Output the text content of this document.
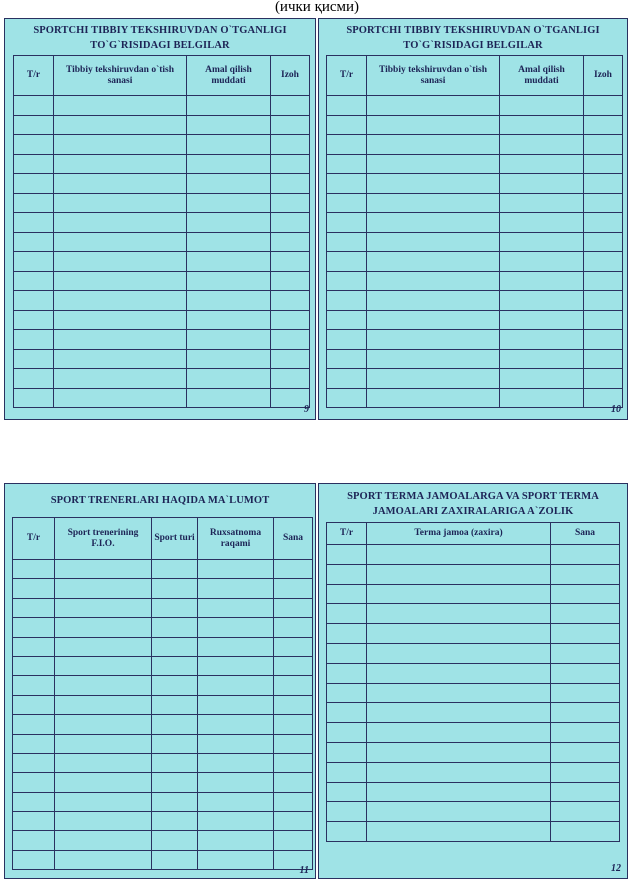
(ички қисми)
SPORTCHI TIBBIY TEKSHIRUVDAN O`TGANLIGI
TO`G`RISIDAGI BELGILAR
T/r	Tibbiy tekshiruvdan o`tish sanasi	Amal qilish muddati	Izoh

9
SPORTCHI TIBBIY TEKSHIRUVDAN O`TGANLIGI
TO`G`RISIDAGI BELGILAR
T/r	Tibbiy tekshiruvdan o`tish sanasi	Amal qilish muddati	Izoh

10
SPORT TRENERLARI HAQIDA MA`LUMOT
T/r	Sport trenerining F.I.O.	Sport turi	Ruxsatnoma raqami	Sana

11
SPORT TERMA JAMOALARGA VA SPORT TERMA
JAMOALARI ZAXIRALARIGA A`ZOLIK
T/r	Terma jamoa (zaxira)	Sana

12
